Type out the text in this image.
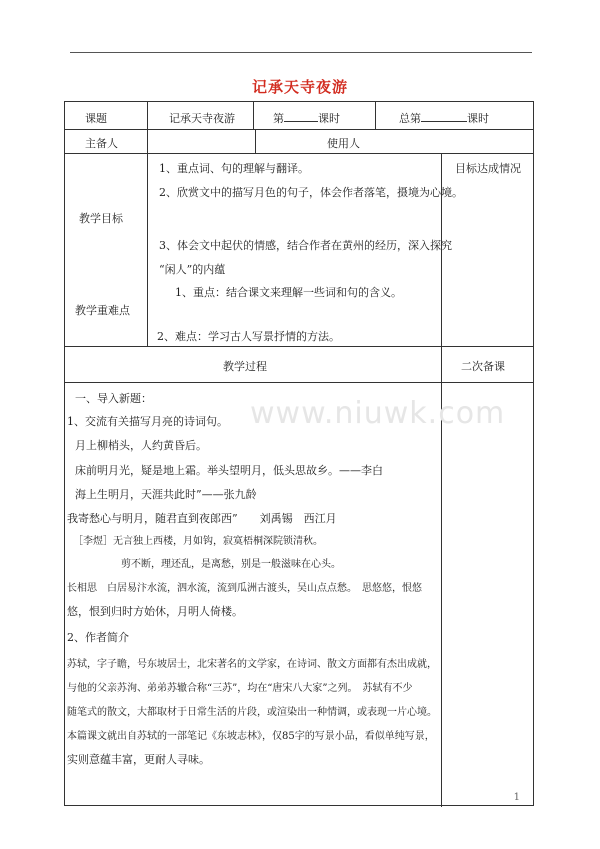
记承天寺夜游
课题	记承天寺夜游	第	课时	总第	课时
主备人	使用人
教学目标
1、重点词、句的理解与翻译。
2、欣赏文中的描写月色的句子，体会作者落笔，摄境为心境。
3、体会文中起伏的情感，结合作者在黄州的经历，深入探究
“闲人”的内蕴
目标达成情况
教学重难点
1、重点：结合课文来理解一些词和句的含义。
2、难点：学习古人写景抒情的方法。
教学过程	二次备课
一、导入新题：
1、交流有关描写月亮的诗词句。
月上柳梢头，人约黄昏后。
床前明月光，疑是地上霜。举头望明月，低头思故乡。——李白
海上生明月，天涯共此时”——张九龄
我寄愁心与明月，随君直到夜郎西”　　刘禹锡　西江月
［李煜］无言独上西楼，月如钩，寂寞梧桐深院锁清秋。
剪不断，理还乱，是离愁，别是一般滋味在心头。
长相思　白居易汴水流，泗水流，流到瓜洲古渡头，吴山点点愁。　思悠悠，恨悠
悠，恨到归时方始休，月明人倚楼。
2、作者简介
苏轼，字子瞻，号东坡居士，北宋著名的文学家，在诗词、散文方面都有杰出成就，
与他的父亲苏洵、弟弟苏辙合称“三苏”，均在“唐宋八大家”之列。　苏轼有不少
随笔式的散文，大都取材于日常生活的片段，或渲染出一种情调，或表现一片心境。
本篇课文就出自苏轼的一部笔记《东坡志林》，仅85字的写景小品，看似单纯写景，
实则意蕴丰富，更耐人寻味。
www.niuwk.com
1
